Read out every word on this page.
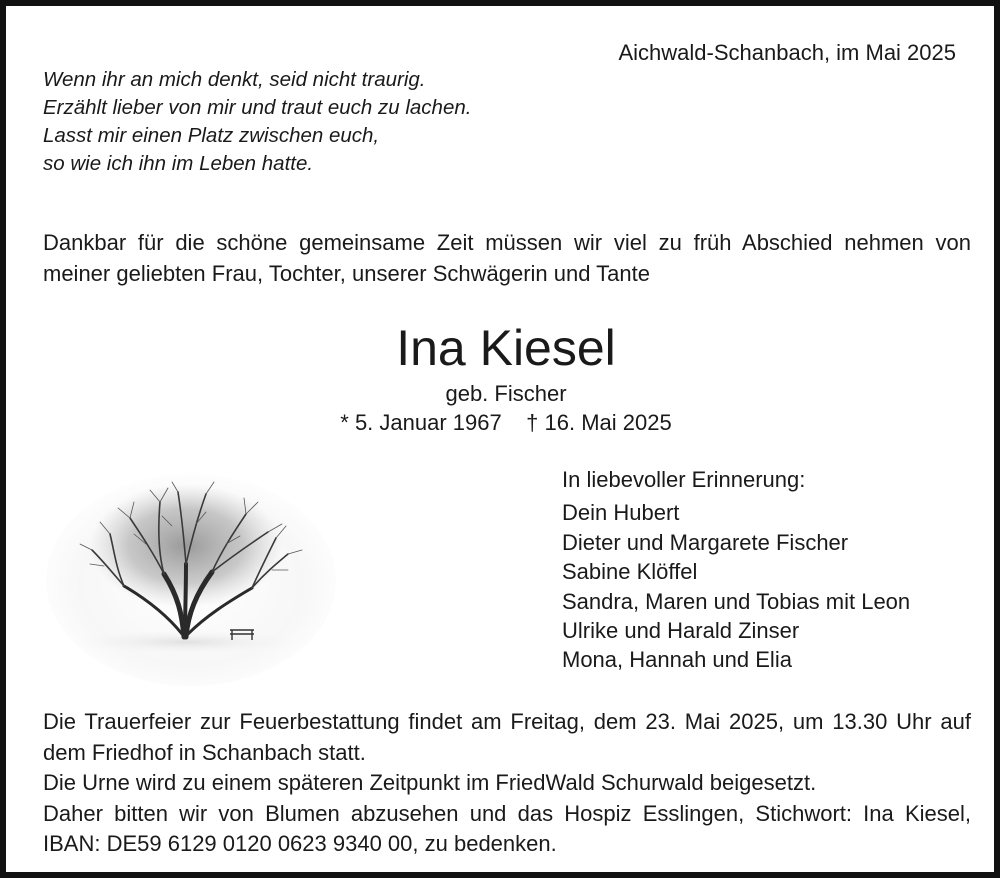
Aichwald-Schanbach, im Mai 2025
Wenn ihr an mich denkt, seid nicht traurig.
Erzählt lieber von mir und traut euch zu lachen.
Lasst mir einen Platz zwischen euch,
so wie ich ihn im Leben hatte.
Dankbar für die schöne gemeinsame Zeit müssen wir viel zu früh Abschied nehmen von meiner geliebten Frau, Tochter, unserer Schwägerin und Tante
Ina Kiesel
geb. Fischer
* 5. Januar 1967    † 16. Mai 2025
In liebevoller Erinnerung:
Dein Hubert
Dieter und Margarete Fischer
Sabine Klöffel
Sandra, Maren und Tobias mit Leon
Ulrike und Harald Zinser
Mona, Hannah und Elia
Die Trauerfeier zur Feuerbestattung findet am Freitag, dem 23. Mai 2025, um 13.30 Uhr auf dem Friedhof in Schanbach statt.
Die Urne wird zu einem späteren Zeitpunkt im FriedWald Schurwald beigesetzt.
Daher bitten wir von Blumen abzusehen und das Hospiz Esslingen, Stichwort: Ina Kiesel, IBAN: DE59 6129 0120 0623 9340 00, zu bedenken.
